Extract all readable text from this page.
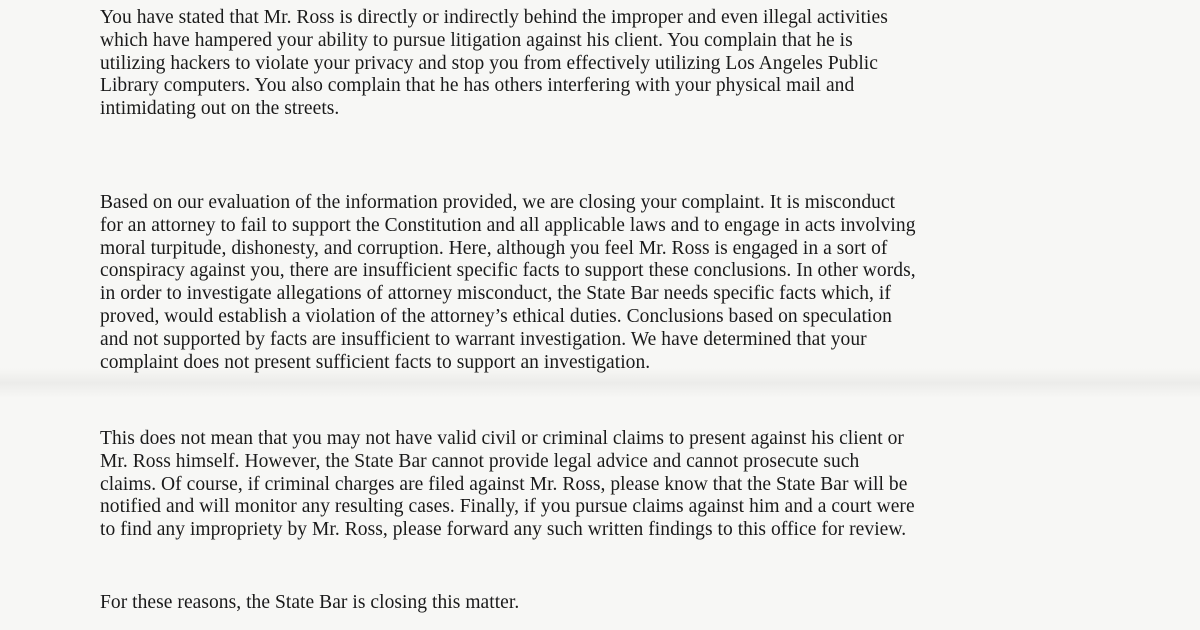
You have stated that Mr. Ross is directly or indirectly behind the improper and even illegal activities
which have hampered your ability to pursue litigation against his client. You complain that he is
utilizing hackers to violate your privacy and stop you from effectively utilizing Los Angeles Public
Library computers. You also complain that he has others interfering with your physical mail and
intimidating out on the streets.
Based on our evaluation of the information provided, we are closing your complaint. It is misconduct
for an attorney to fail to support the Constitution and all applicable laws and to engage in acts involving
moral turpitude, dishonesty, and corruption. Here, although you feel Mr. Ross is engaged in a sort of
conspiracy against you, there are insufficient specific facts to support these conclusions. In other words,
in order to investigate allegations of attorney misconduct, the State Bar needs specific facts which, if
proved, would establish a violation of the attorney’s ethical duties. Conclusions based on speculation
and not supported by facts are insufficient to warrant investigation. We have determined that your
complaint does not present sufficient facts to support an investigation.
This does not mean that you may not have valid civil or criminal claims to present against his client or
Mr. Ross himself. However, the State Bar cannot provide legal advice and cannot prosecute such
claims. Of course, if criminal charges are filed against Mr. Ross, please know that the State Bar will be
notified and will monitor any resulting cases. Finally, if you pursue claims against him and a court were
to find any impropriety by Mr. Ross, please forward any such written findings to this office for review.
For these reasons, the State Bar is closing this matter.
